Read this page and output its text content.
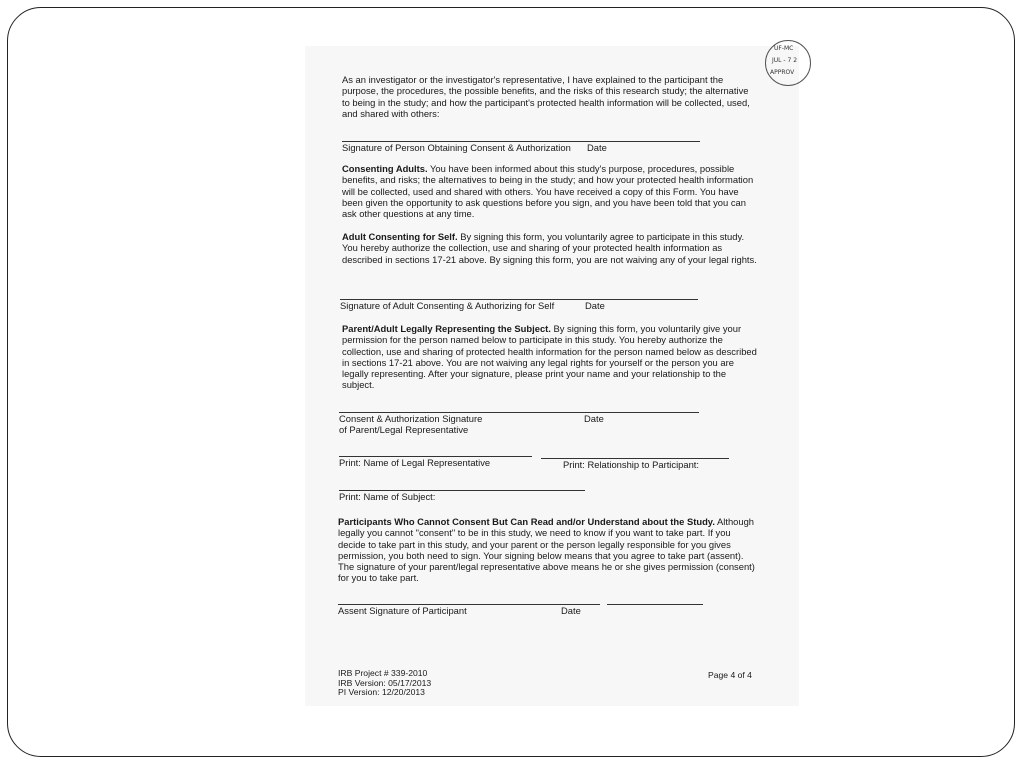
UF-MC
JUL - 7 2
APPROV
As an investigator or the investigator's representative, I have explained to the participant the purpose, the procedures, the possible benefits, and the risks of this research study; the alternative to being in the study; and how the participant's protected health information will be collected, used, and shared with others:
Signature of Person Obtaining Consent & Authorization Date
Consenting Adults. You have been informed about this study's purpose, procedures, possible benefits, and risks; the alternatives to being in the study; and how your protected health information will be collected, used and shared with others. You have received a copy of this Form. You have been given the opportunity to ask questions before you sign, and you have been told that you can ask other questions at any time.
Adult Consenting for Self. By signing this form, you voluntarily agree to participate in this study. You hereby authorize the collection, use and sharing of your protected health information as described in sections 17-21 above. By signing this form, you are not waiving any of your legal rights.
Signature of Adult Consenting & Authorizing for Self	Date
Parent/Adult Legally Representing the Subject. By signing this form, you voluntarily give your permission for the person named below to participate in this study. You hereby authorize the collection, use and sharing of protected health information for the person named below as described in sections 17-21 above. You are not waiving any legal rights for yourself or the person you are legally representing. After your signature, please print your name and your relationship to the subject.
Consent & Authorization Signature
of Parent/Legal Representative
Date
Print: Name of Legal Representative	Print: Relationship to Participant:
Print: Name of Subject:
Participants Who Cannot Consent But Can Read and/or Understand about the Study. Although legally you cannot "consent" to be in this study, we need to know if you want to take part. If you decide to take part in this study, and your parent or the person legally responsible for you gives permission, you both need to sign. Your signing below means that you agree to take part (assent). The signature of your parent/legal representative above means he or she gives permission (consent) for you to take part.
Assent Signature of Participant	Date
IRB Project # 339-2010
IRB Version: 05/17/2013
PI Version: 12/20/2013
Page 4 of 4
